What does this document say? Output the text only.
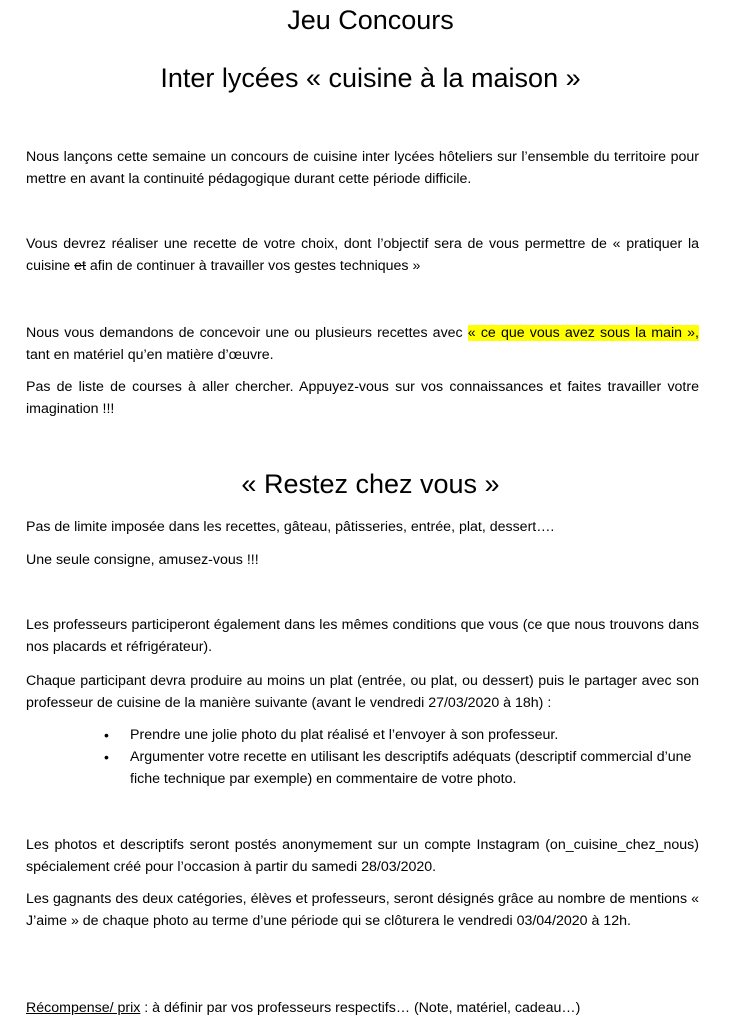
Jeu Concours
Inter lycées « cuisine à la maison »

Nous lançons cette semaine un concours de cuisine inter lycées hôteliers sur l’ensemble du territoire pour mettre en avant la continuité pédagogique durant cette période difficile.

Vous devrez réaliser une recette de votre choix, dont l’objectif sera de vous permettre de « pratiquer la cuisine et afin de continuer à travailler vos gestes techniques »

Nous vous demandons de concevoir une ou plusieurs recettes avec « ce que vous avez sous la main », tant en matériel qu’en matière d’œuvre.

Pas de liste de courses à aller chercher. Appuyez-vous sur vos connaissances et faites travailler votre imagination !!!

« Restez chez vous »

Pas de limite imposée dans les recettes, gâteau, pâtisseries, entrée, plat, dessert….

Une seule consigne, amusez-vous !!!

Les professeurs participeront également dans les mêmes conditions que vous (ce que nous trouvons dans nos placards et réfrigérateur).

Chaque participant devra produire au moins un plat (entrée, ou plat, ou dessert) puis le partager avec son professeur de cuisine de la manière suivante (avant le vendredi 27/03/2020 à 18h) :

•	Prendre une jolie photo du plat réalisé et l’envoyer à son professeur.
•	Argumenter votre recette en utilisant les descriptifs adéquats (descriptif commercial d’une fiche technique par exemple) en commentaire de votre photo.

Les photos et descriptifs seront postés anonymement sur un compte Instagram (on_cuisine_chez_nous) spécialement créé pour l’occasion à partir du samedi 28/03/2020.

Les gagnants des deux catégories, élèves et professeurs, seront désignés grâce au nombre de mentions « J’aime » de chaque photo au terme d’une période qui se clôturera le vendredi 03/04/2020 à 12h.

Récompense/ prix : à définir par vos professeurs respectifs… (Note, matériel, cadeau…)
